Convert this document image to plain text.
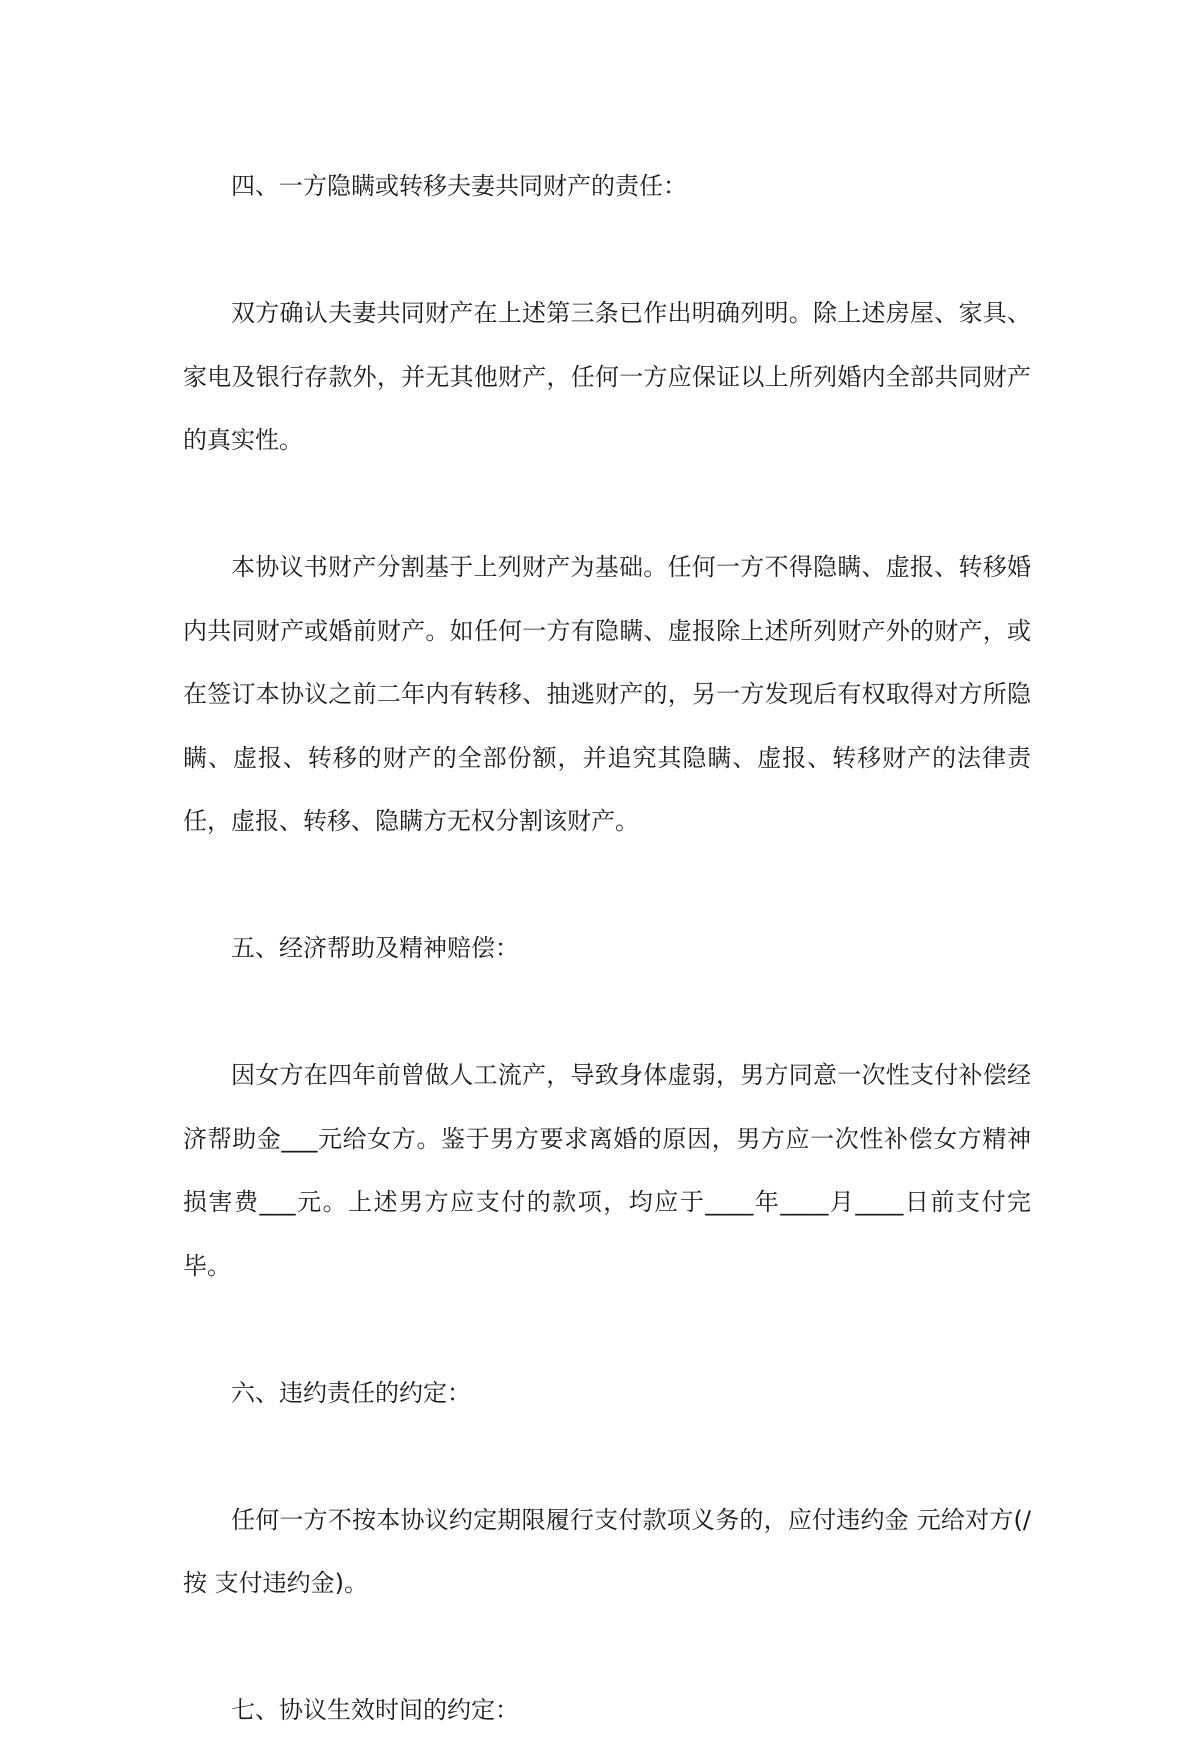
四、一方隐瞒或转移夫妻共同财产的责任：

双方确认夫妻共同财产在上述第三条已作出明确列明。除上述房屋、家具、家电及银行存款外，并无其他财产，任何一方应保证以上所列婚内全部共同财产的真实性。

本协议书财产分割基于上列财产为基础。任何一方不得隐瞒、虚报、转移婚内共同财产或婚前财产。如任何一方有隐瞒、虚报除上述所列财产外的财产，或在签订本协议之前二年内有转移、抽逃财产的，另一方发现后有权取得对方所隐瞒、虚报、转移的财产的全部份额，并追究其隐瞒、虚报、转移财产的法律责任，虚报、转移、隐瞒方无权分割该财产。

五、经济帮助及精神赔偿：

因女方在四年前曾做人工流产，导致身体虚弱，男方同意一次性支付补偿经济帮助金___元给女方。鉴于男方要求离婚的原因，男方应一次性补偿女方精神损害费___元。上述男方应支付的款项，均应于____年____月____日前支付完毕。

六、违约责任的约定：

任何一方不按本协议约定期限履行支付款项义务的，应付违约金 元给对方(/按 支付违约金)。

七、协议生效时间的约定：
